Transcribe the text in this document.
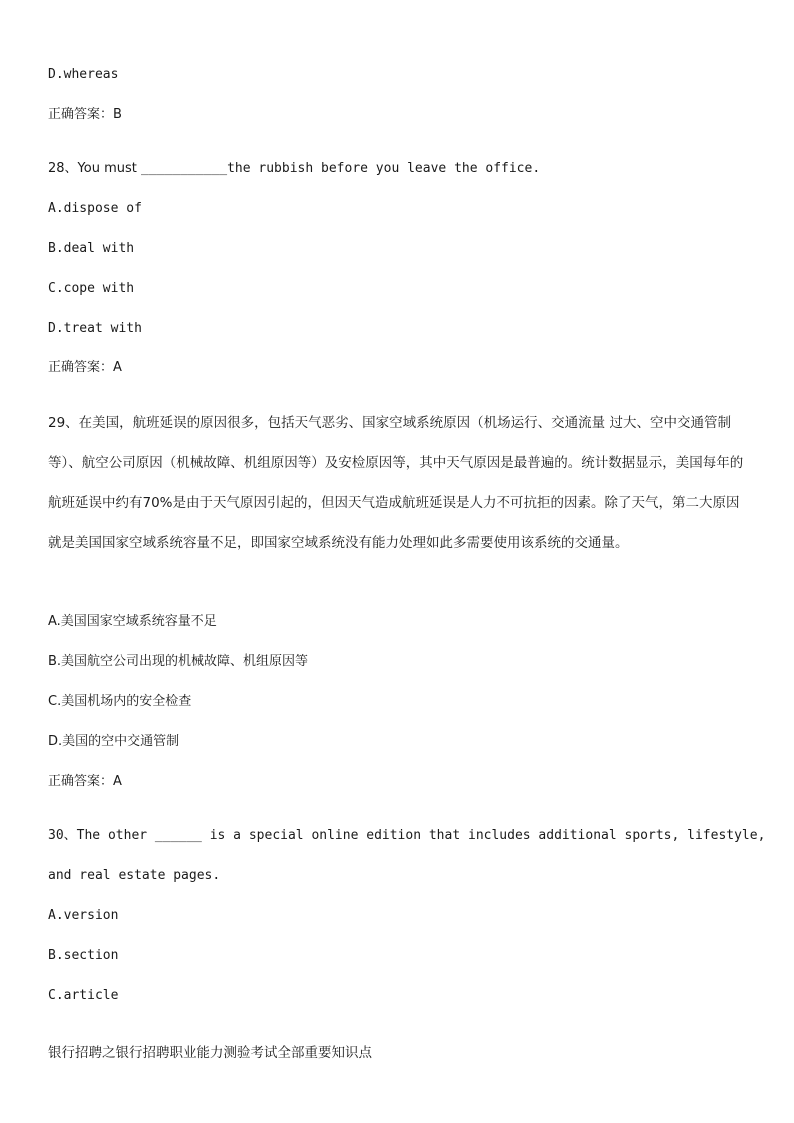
D.whereas
正确答案：B
28、You must ___________the rubbish before you leave the office.
A.dispose of
B.deal with
C.cope with
D.treat with
正确答案：A
29、在美国，航班延误的原因很多，包括天气恶劣、国家空域系统原因（机场运行、交通流量 过大、空中交通管制等）、航空公司原因（机械故障、机组原因等）及安检原因等，其中天气原因是最普遍的。统计数据显示，美国每年的航班延误中约有70%是由于天气原因引起的，但因天气造成航班延误是人力不可抗拒的因素。除了天气，第二大原因就是美国国家空域系统容量不足，即国家空域系统没有能力处理如此多需要使用该系统的交通量。
A.美国国家空域系统容量不足
B.美国航空公司出现的机械故障、机组原因等
C.美国机场内的安全检查
D.美国的空中交通管制
正确答案：A
30、The other ______ is a special online edition that includes additional sports, lifestyle,
and real estate pages.
A.version
B.section
C.article
银行招聘之银行招聘职业能力测验考试全部重要知识点
